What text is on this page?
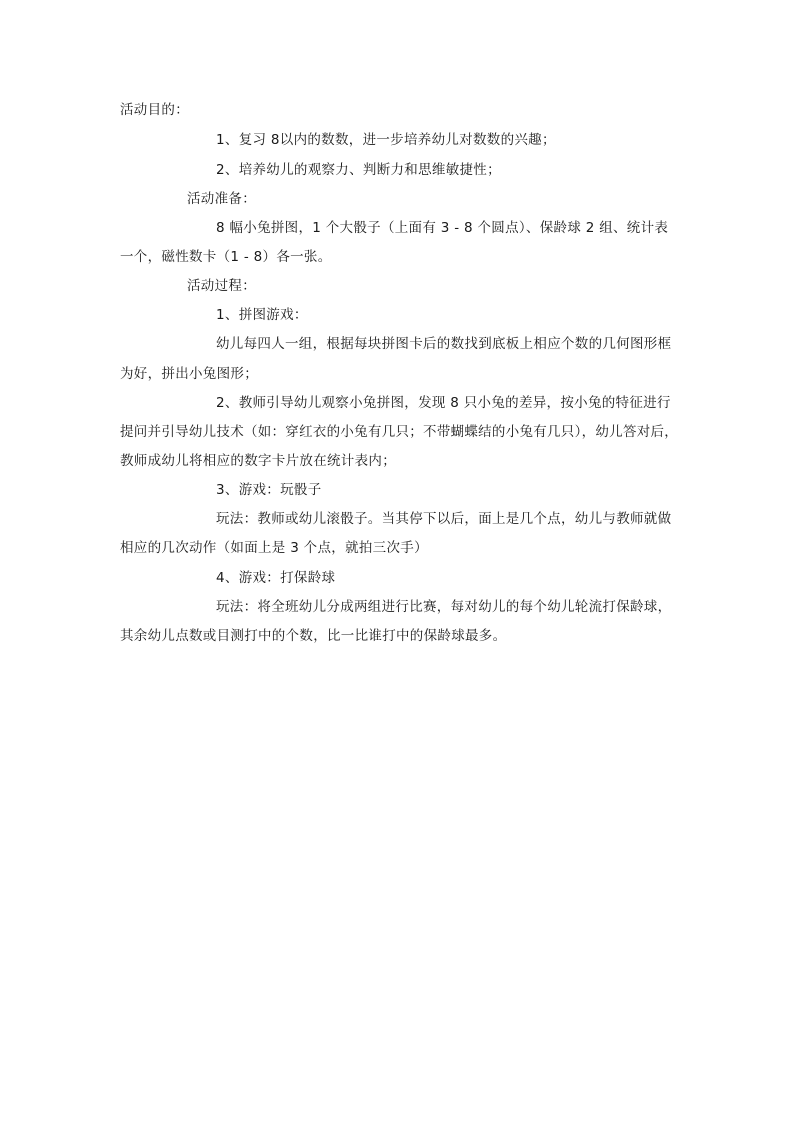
活动目的：
1、复习 8以内的数数，进一步培养幼儿对数数的兴趣；
2、培养幼儿的观察力、判断力和思维敏捷性；
活动准备：
8 幅小兔拼图，1 个大骰子（上面有 3 - 8 个圆点）、保龄球 2 组、统计表
一个，磁性数卡（1 - 8）各一张。
活动过程：
1、拼图游戏：
幼儿每四人一组，根据每块拼图卡后的数找到底板上相应个数的几何图形框
为好，拼出小兔图形；
2、教师引导幼儿观察小兔拼图，发现 8 只小兔的差异，按小兔的特征进行
提问并引导幼儿技术（如：穿红衣的小兔有几只；不带蝴蝶结的小兔有几只），幼儿答对后，
教师成幼儿将相应的数字卡片放在统计表内；
3、游戏：玩骰子
玩法：教师或幼儿滚骰子。当其停下以后，面上是几个点，幼儿与教师就做
相应的几次动作（如面上是 3 个点，就拍三次手）
4、游戏：打保龄球
玩法：将全班幼儿分成两组进行比赛，每对幼儿的每个幼儿轮流打保龄球，
其余幼儿点数或目测打中的个数，比一比谁打中的保龄球最多。
